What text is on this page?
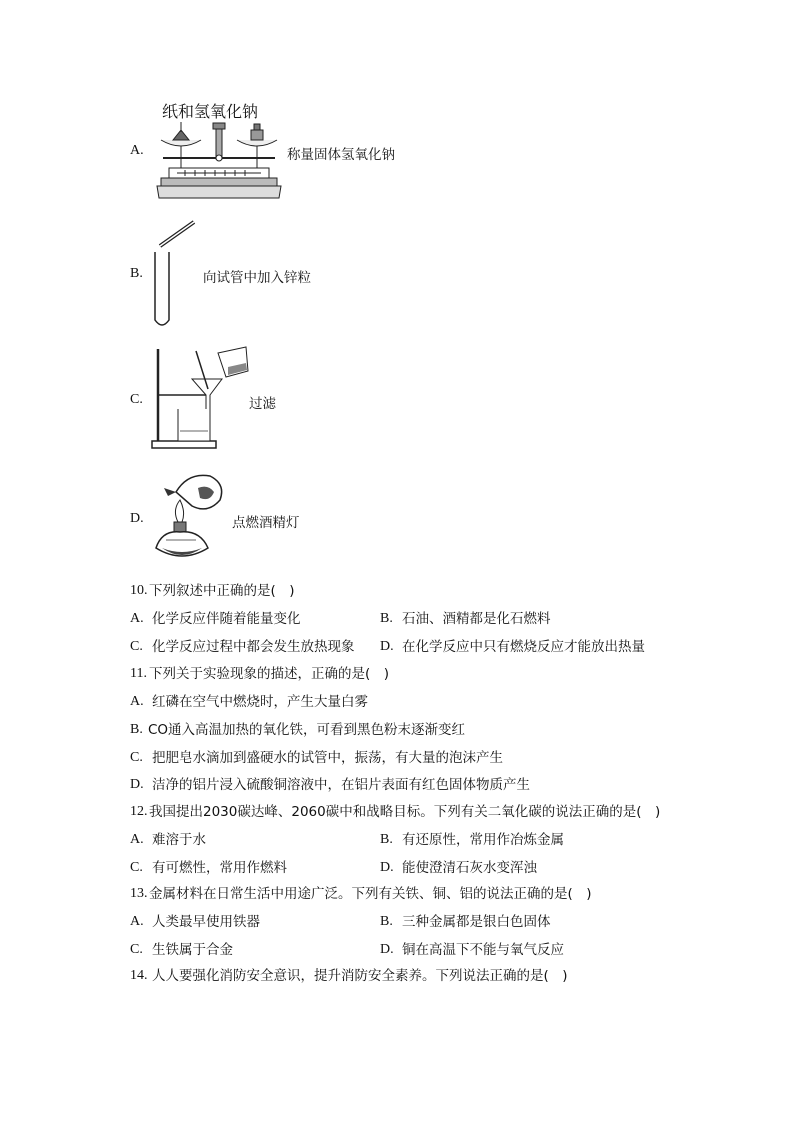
A.
纸和氢氧化钠
称量固体氢氧化钠
B.	向试管中加入锌粒
C.	过滤
D.	点燃酒精灯
10. 下列叙述中正确的是(　)
A. 化学反应伴随着能量变化	B. 石油、酒精都是化石燃料
C. 化学反应过程中都会发生放热现象 D. 在化学反应中只有燃烧反应才能放出热量
11. 下列关于实验现象的描述，正确的是(　)
A. 红磷在空气中燃烧时，产生大量白雾
B. CO通入高温加热的氧化铁，可看到黑色粉末逐渐变红
C. 把肥皂水滴加到盛硬水的试管中，振荡，有大量的泡沫产生
D. 洁净的铝片浸入硫酸铜溶液中，在铝片表面有红色固体物质产生
12. 我国提出2030碳达峰、2060碳中和战略目标。下列有关二氧化碳的说法正确的是(　)
A. 难溶于水	B. 有还原性，常用作冶炼金属
C. 有可燃性，常用作燃料	D. 能使澄清石灰水变浑浊
13. 金属材料在日常生活中用途广泛。下列有关铁、铜、铝的说法正确的是(　)
A. 人类最早使用铁器	B. 三种金属都是银白色固体
C. 生铁属于合金	D. 铜在高温下不能与氧气反应
14. 人人要强化消防安全意识，提升消防安全素养。下列说法正确的是(　)
